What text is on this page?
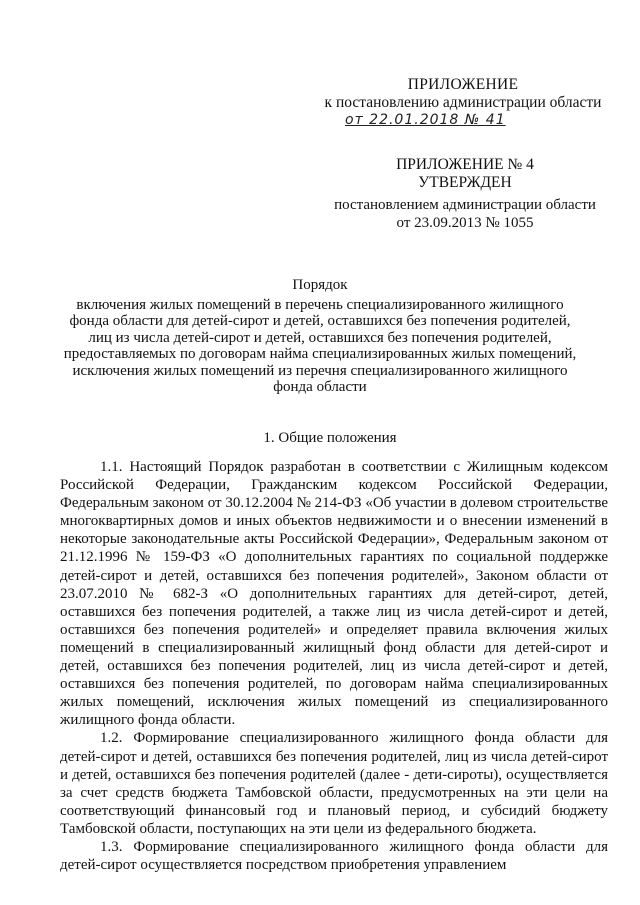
ПРИЛОЖЕНИЕ
к постановлению администрации области
от 22.01.2018 № 41
ПРИЛОЖЕНИЕ № 4
УТВЕРЖДЕН
постановлением администрации области
от 23.09.2013 № 1055
Порядок
включения жилых помещений в перечень специализированного жилищного фонда области для детей-сирот и детей, оставшихся без попечения родителей, лиц из числа детей-сирот и детей, оставшихся без попечения родителей, предоставляемых по договорам найма специализированных жилых помещений, исключения жилых помещений из перечня специализированного жилищного фонда области
1. Общие положения

1.1. Настоящий Порядок разработан в соответствии с Жилищным кодексом Российской Федерации, Гражданским кодексом Российской Федерации, Федеральным законом от 30.12.2004 № 214-ФЗ «Об участии в долевом строительстве многоквартирных домов и иных объектов недвижимости и о внесении изменений в некоторые законодательные акты Российской Федерации», Федеральным законом от 21.12.1996 № 159-ФЗ «О дополнительных гарантиях по социальной поддержке детей-сирот и детей, оставшихся без попечения родителей», Законом области от 23.07.2010 № 682-З «О дополнительных гарантиях для детей-сирот, детей, оставшихся без попечения родителей, а также лиц из числа детей-сирот и детей, оставшихся без попечения родителей» и определяет правила включения жилых помещений в специализированный жилищный фонд области для детей-сирот и детей, оставшихся без попечения родителей, лиц из числа детей-сирот и детей, оставшихся без попечения родителей, по договорам найма специализированных жилых помещений, исключения жилых помещений из специализированного жилищного фонда области.

1.2. Формирование специализированного жилищного фонда области для детей-сирот и детей, оставшихся без попечения родителей, лиц из числа детей-сирот и детей, оставшихся без попечения родителей (далее - дети-сироты), осуществляется за счет средств бюджета Тамбовской области, предусмотренных на эти цели на соответствующий финансовый год и плановый период, и субсидий бюджету Тамбовской области, поступающих на эти цели из федерального бюджета.

1.3. Формирование специализированного жилищного фонда области для детей-сирот осуществляется посредством приобретения управлением
